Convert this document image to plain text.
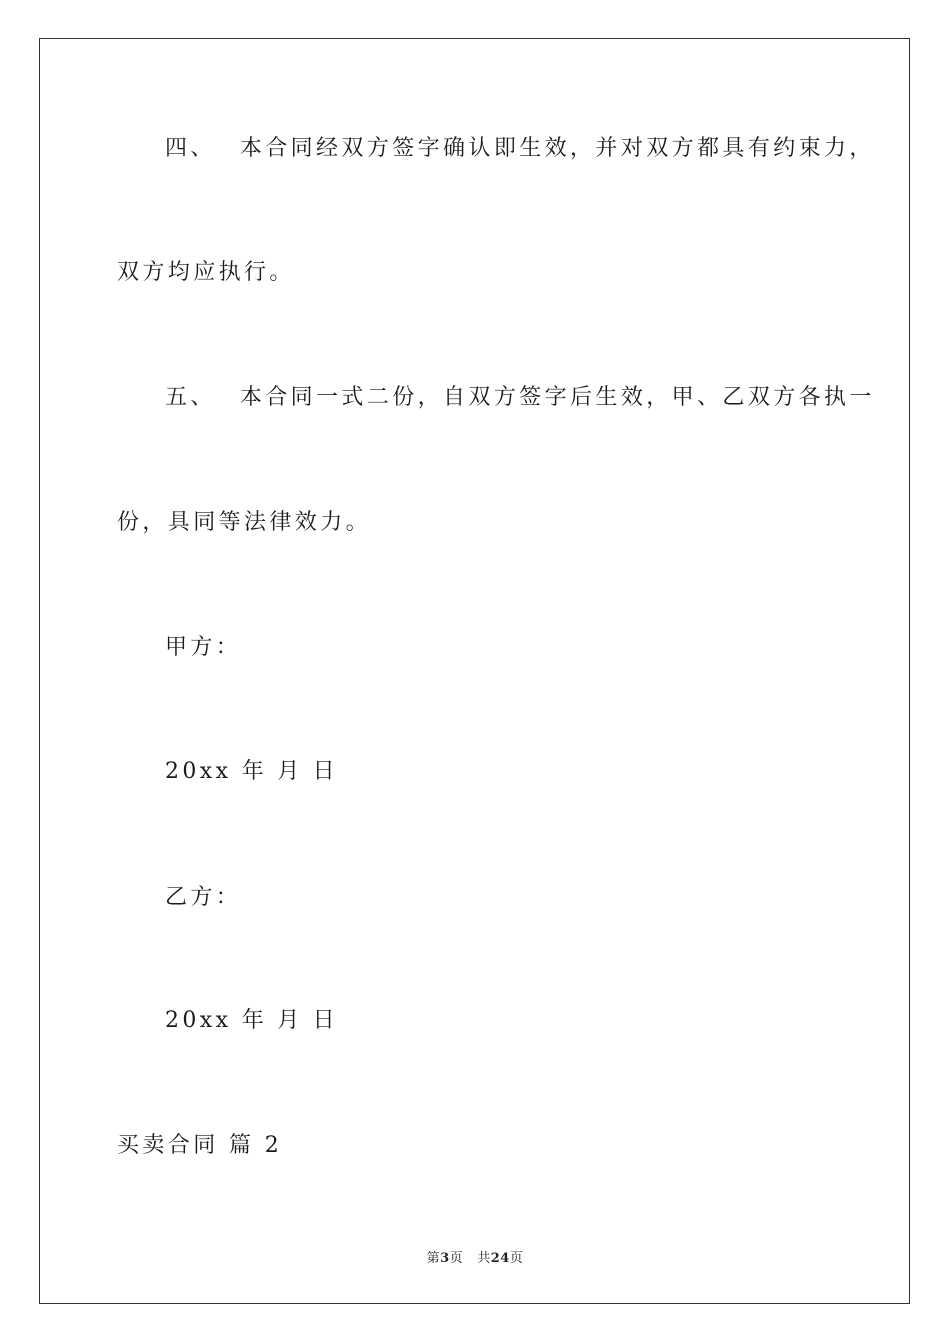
四、 本合同经双方签字确认即生效，并对双方都具有约束力，
双方均应执行。
五、 本合同一式二份，自双方签字后生效，甲、乙双方各执一
份，具同等法律效力。
甲方：
20xx 年 月 日
乙方：
20xx 年 月 日
买卖合同 篇 2
第3页 共24页
